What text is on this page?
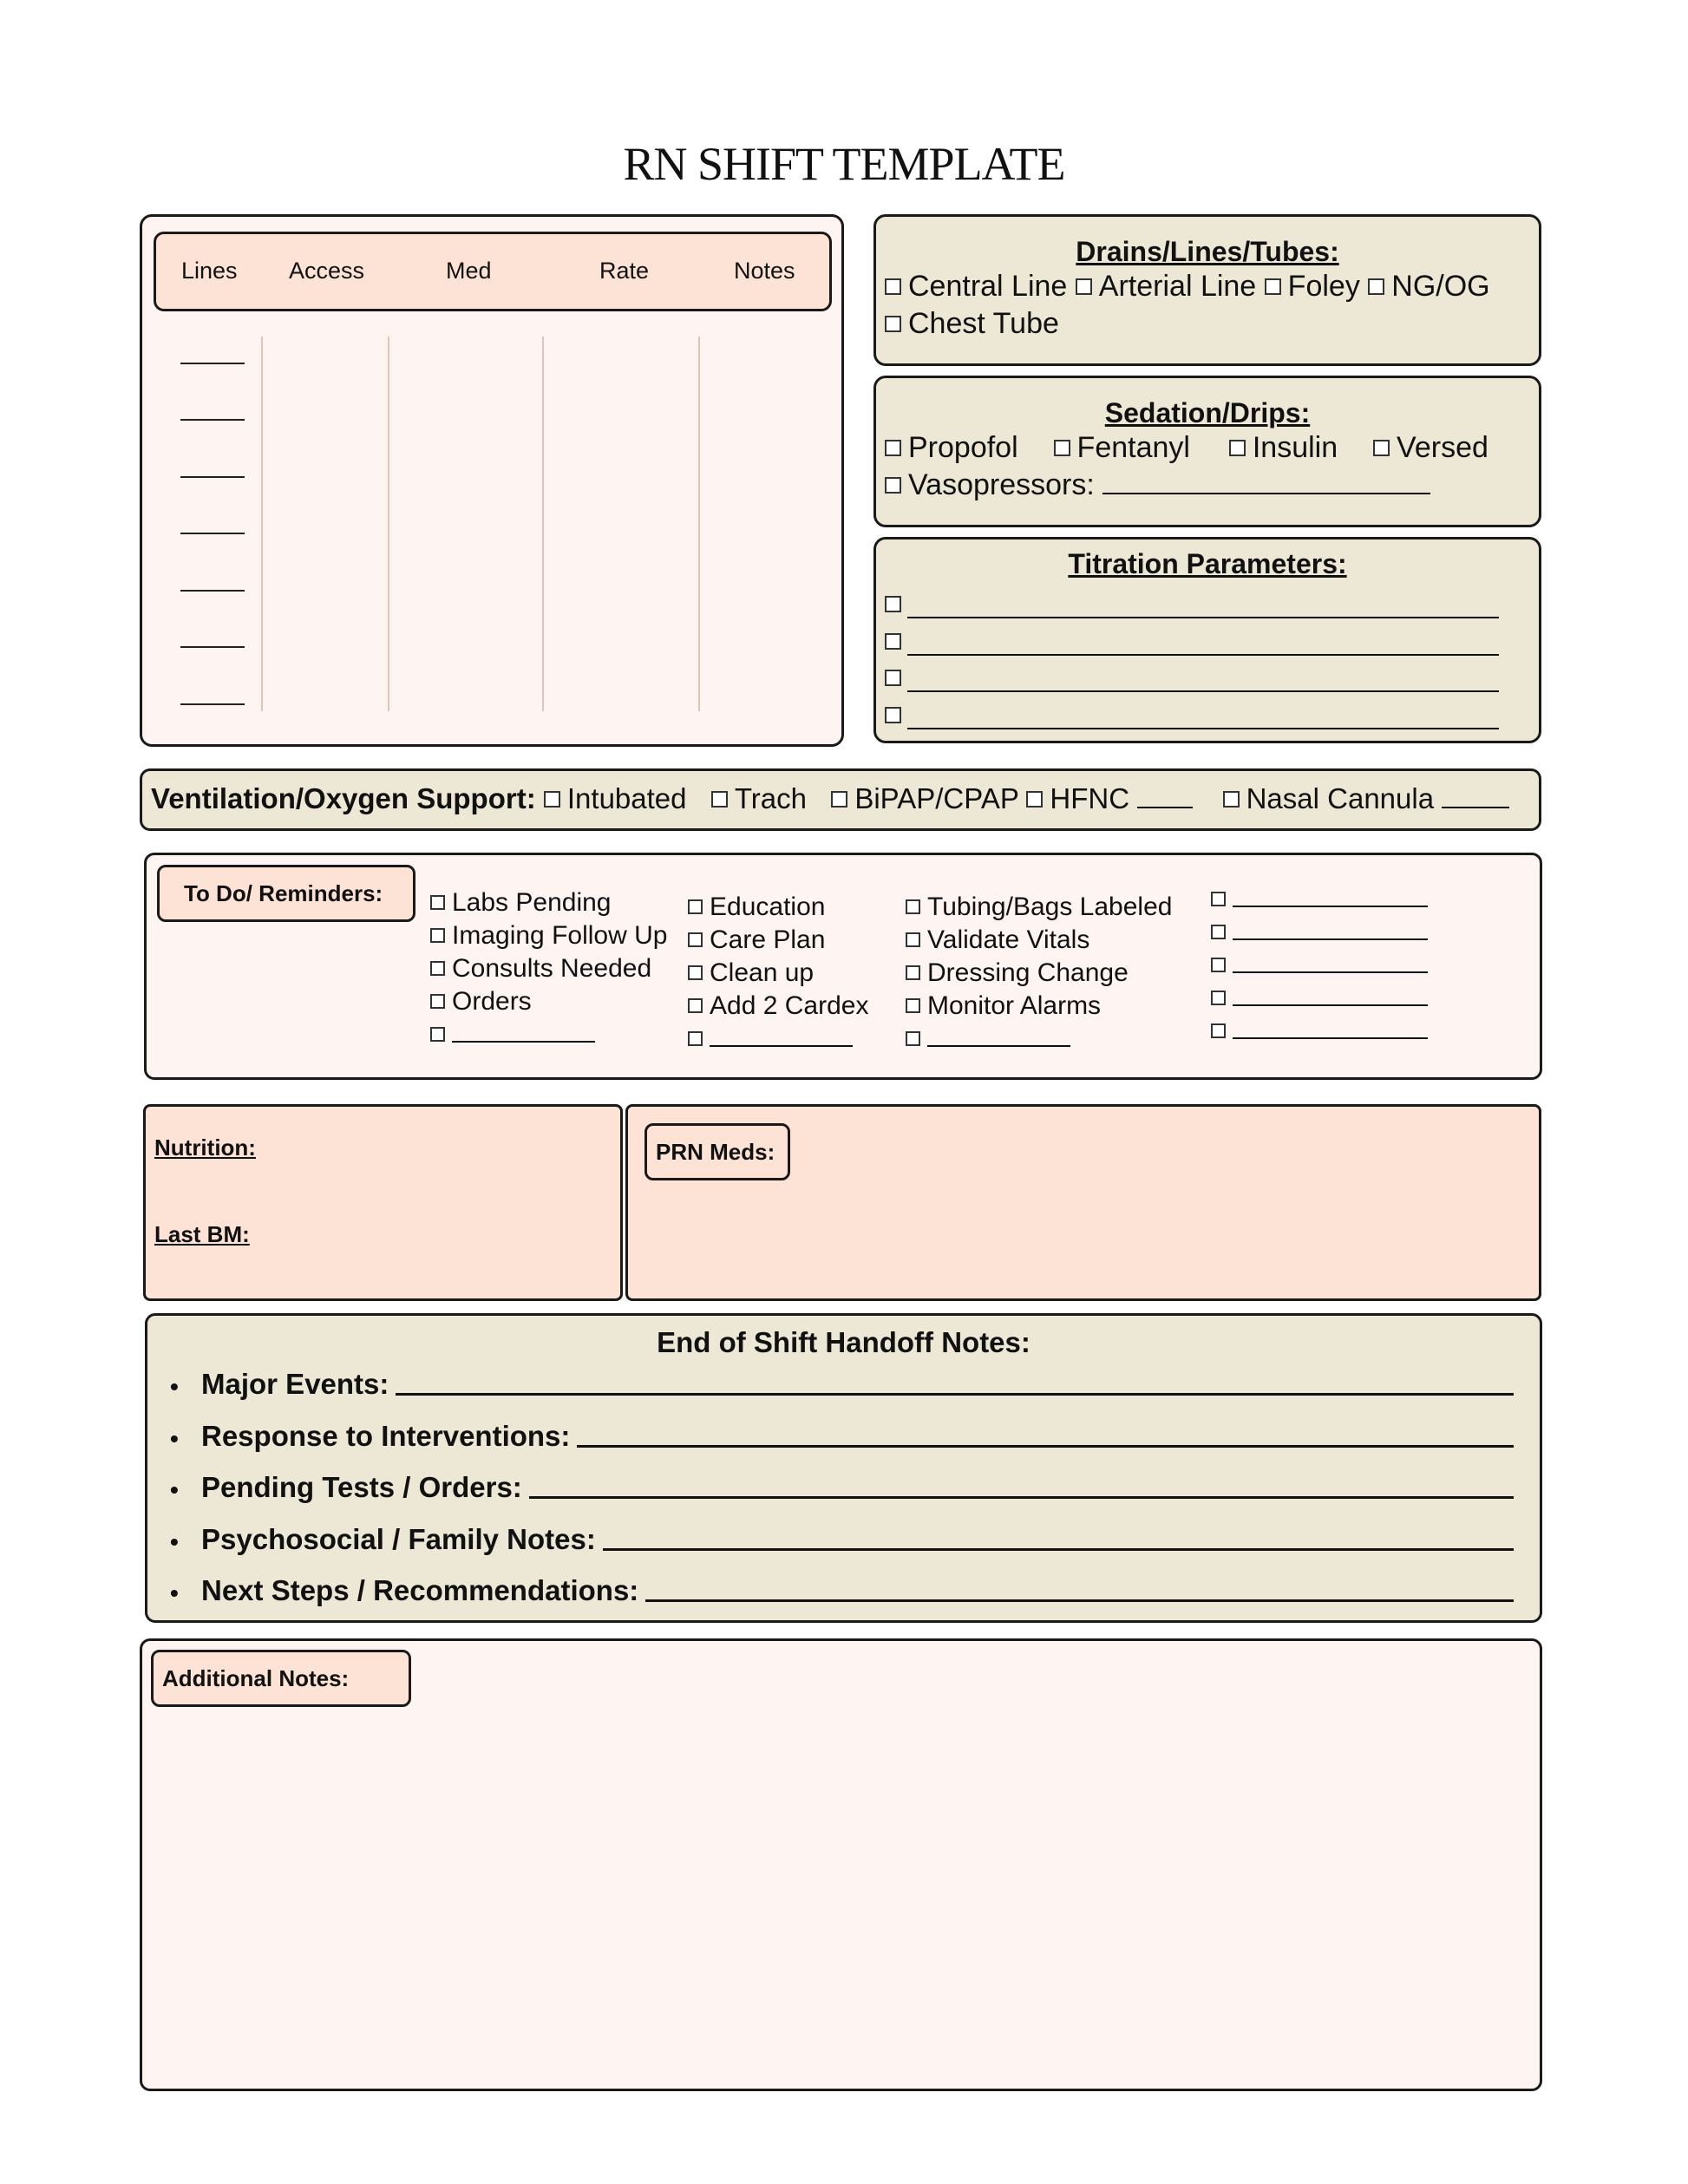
RN SHIFT TEMPLATE
Lines Access	Med	Rate	Notes
Drains/Lines/Tubes:
Central Line Arterial Line Foley NG/OG
Chest Tube
Sedation/Drips:
Propofol Fentanyl Insulin Versed
Vasopressors:
Titration Parameters:
Ventilation/Oxygen Support: Intubated Trach BiPAP/CPAP HFNC	Nasal Cannula
To Do/ Reminders:	Labs Pending
Imaging Follow Up
Consults Needed
Orders
Education
Care Plan
Clean up
Add 2 Cardex
Tubing/Bags Labeled
Validate Vitals
Dressing Change
Monitor Alarms
Nutrition:
Last BM:
PRN Meds:
End of Shift Handoff Notes:
• Major Events:
• Response to Interventions:
• Pending Tests / Orders:
• Psychosocial / Family Notes:
• Next Steps / Recommendations:
Additional Notes:
